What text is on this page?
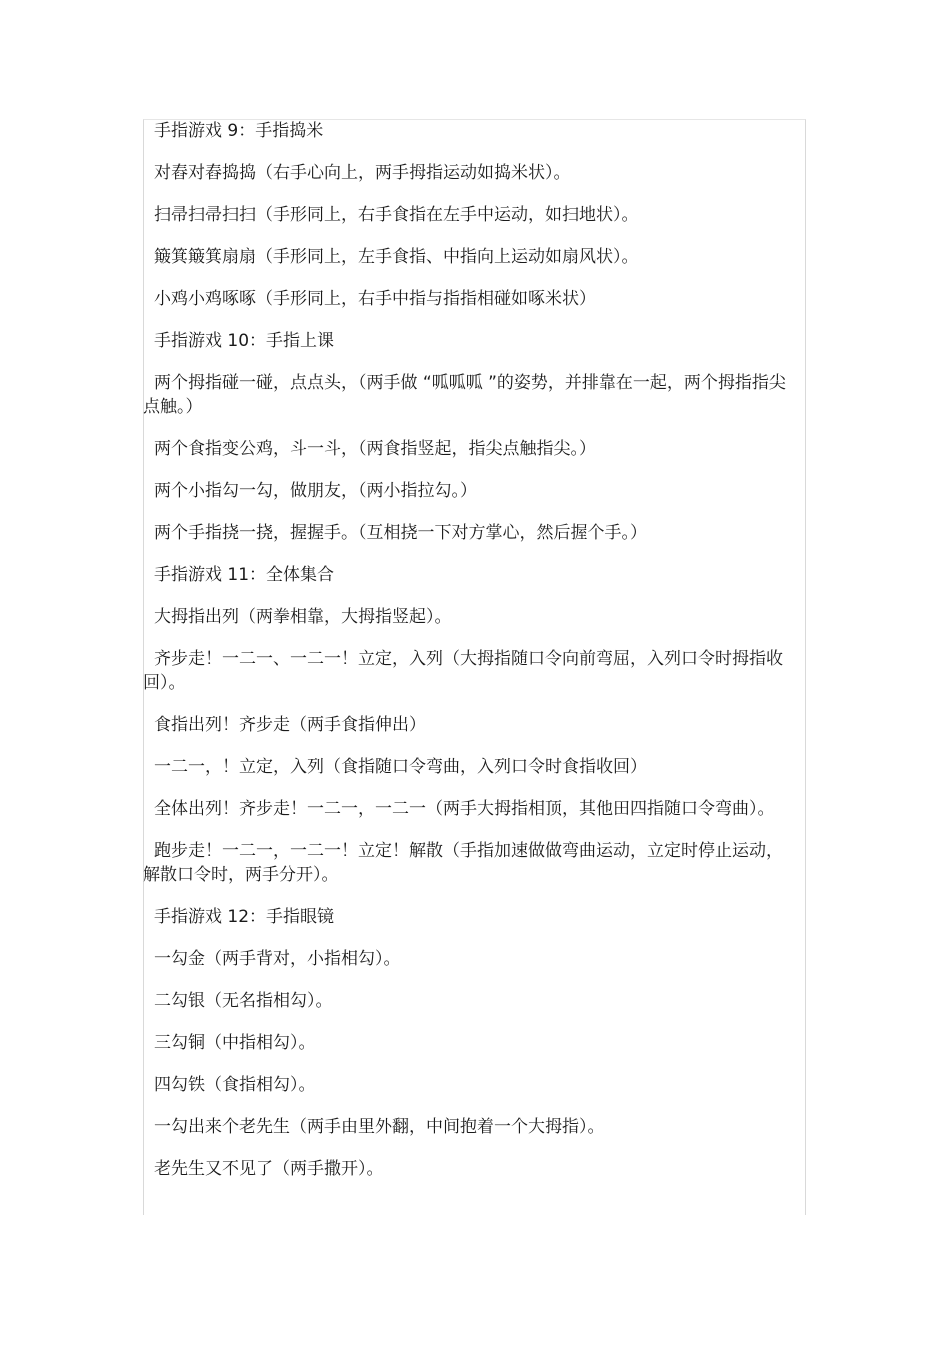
手指游戏 9：手指捣米

对舂对舂捣捣（右手心向上，两手拇指运动如捣米状）。

扫帚扫帚扫扫（手形同上，右手食指在左手中运动，如扫地状）。

簸箕簸箕扇扇（手形同上，左手食指、中指向上运动如扇风状）。

小鸡小鸡啄啄（手形同上，右手中指与指指相碰如啄米状）

手指游戏 10：手指上课

两个拇指碰一碰，点点头，（两手做 “呱呱呱 ”的姿势，并排靠在一起，两个拇指指尖点触。）

两个食指变公鸡，斗一斗，（两食指竖起，指尖点触指尖。）

两个小指勾一勾，做朋友，（两小指拉勾。）

两个手指挠一挠，握握手。（互相挠一下对方掌心，然后握个手。）

手指游戏 11：全体集合

大拇指出列（两拳相靠，大拇指竖起）。

齐步走！一二一、一二一！立定，入列（大拇指随口令向前弯屈，入列口令时拇指收回）。

食指出列！齐步走（两手食指伸出）

一二一，！立定，入列（食指随口令弯曲，入列口令时食指收回）

全体出列！齐步走！一二一，一二一（两手大拇指相顶，其他田四指随口令弯曲）。

跑步走！一二一，一二一！立定！解散（手指加速做做弯曲运动，立定时停止运动，解散口令时，两手分开）。

手指游戏 12：手指眼镜

一勾金（两手背对，小指相勾）。

二勾银（无名指相勾）。

三勾铜（中指相勾）。

四勾铁（食指相勾）。

一勾出来个老先生（两手由里外翻，中间抱着一个大拇指）。

老先生又不见了（两手撒开）。
